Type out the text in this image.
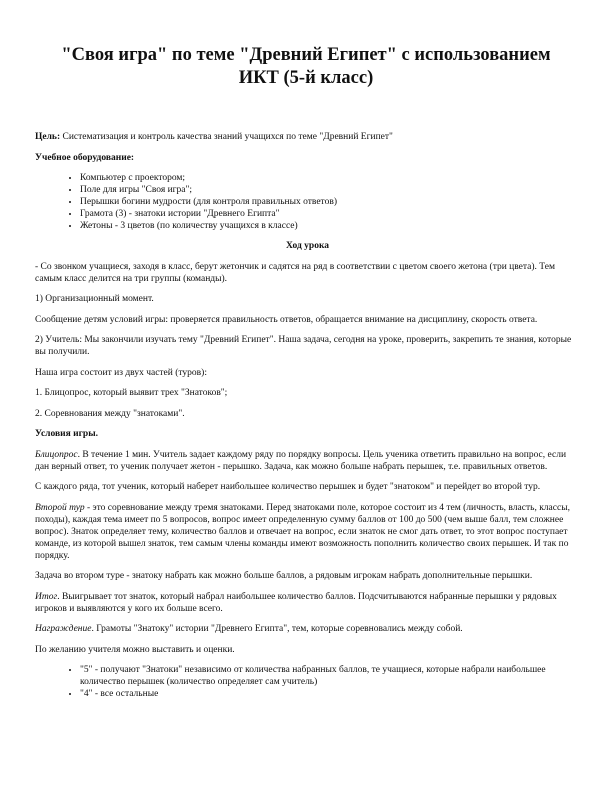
"Своя игра" по теме "Древний Египет" с использованием ИКТ (5-й класс)

Цель: Систематизация и контроль качества знаний учащихся по теме "Древний Египет"

Учебное оборудование:

• Компьютер с проектором;
• Поле для игры "Своя игра";
• Перышки богини мудрости (для контроля правильных ответов)
• Грамота (3) - знатоки истории "Древнего Египта"
• Жетоны - 3 цветов (по количеству учащихся в классе)

Ход урока

- Со звонком учащиеся, заходя в класс, берут жетончик и садятся на ряд в соответствии с цветом своего жетона (три цвета). Тем самым класс делится на три группы (команды).

1) Организационный момент.

Сообщение детям условий игры: проверяется правильность ответов, обращается внимание на дисциплину, скорость ответа.

2) Учитель: Мы закончили изучать тему "Древний Египет". Наша задача, сегодня на уроке, проверить, закрепить те знания, которые вы получили.

Наша игра состоит из двух частей (туров):

1. Блицопрос, который выявит трех "Знатоков";

2. Соревнования между "знатоками".

Условия игры.

Блицопрос. В течение 1 мин. Учитель задает каждому ряду по порядку вопросы. Цель ученика ответить правильно на вопрос, если дан верный ответ, то ученик получает жетон - перышко. Задача, как можно больше набрать перышек, т.е. правильных ответов.

С каждого ряда, тот ученик, который наберет наибольшее количество перышек и будет "знатоком" и перейдет во второй тур.

Второй тур - это соревнование между тремя знатоками. Перед знатоками поле, которое состоит из 4 тем (личность, власть, классы, походы), каждая тема имеет по 5 вопросов, вопрос имеет определенную сумму баллов от 100 до 500 (чем выше балл, тем сложнее вопрос). Знаток определяет тему, количество баллов и отвечает на вопрос, если знаток не смог дать ответ, то этот вопрос поступает команде, из которой вышел знаток, тем самым члены команды имеют возможность пополнить количество своих перышек. И так по порядку.

Задача во втором туре - знатоку набрать как можно больше баллов, а рядовым игрокам набрать дополнительные перышки.

Итог. Выигрывает тот знаток, который набрал наибольшее количество баллов. Подсчитываются набранные перышки у рядовых игроков и выявляются у кого их больше всего.

Награждение. Грамоты "Знатоку" истории "Древнего Египта", тем, которые соревновались между собой.

По желанию учителя можно выставить и оценки.

• "5" - получают "Знатоки" независимо от количества набранных баллов, те учащиеся, которые набрали наибольшее количество перышек (количество определяет сам учитель)
• "4" - все остальные
